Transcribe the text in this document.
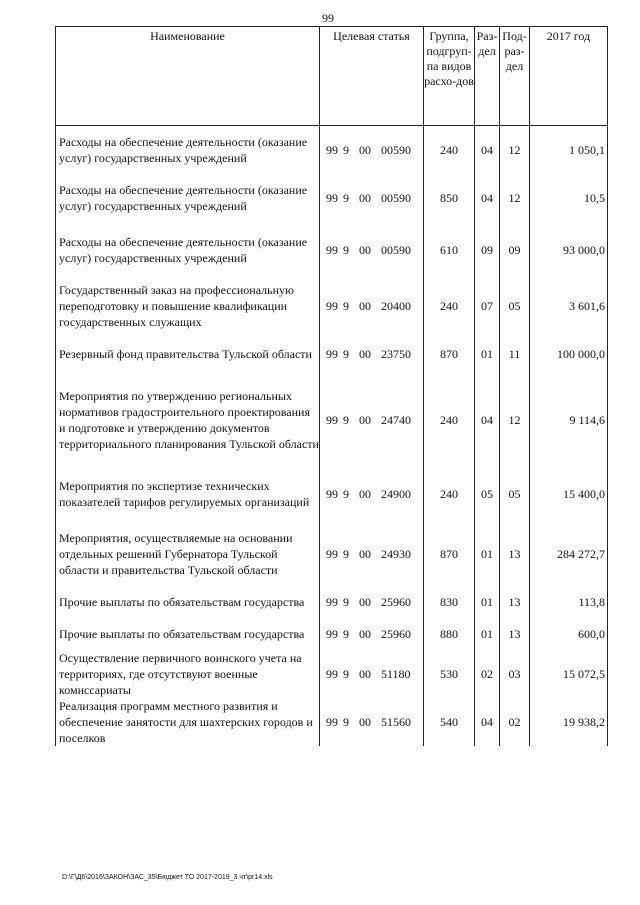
99
Наименование	Целевая статья	Группа, подгруп-па видов расхо-дов	Раз-дел	Под-раз-дел	2017 год
Расходы на обеспечение деятельности (оказание услуг) государственных учреждений	99 9 00 00590	240	04	12	1 050,1
Расходы на обеспечение деятельности (оказание услуг) государственных учреждений	99 9 00 00590	850	04	12	10,5
Расходы на обеспечение деятельности (оказание услуг) государственных учреждений	99 9 00 00590	610	09	09	93 000,0
Государственный заказ на профессиональную переподготовку и повышение квалификации государственных служащих	99 9 00 20400	240	07	05	3 601,6
Резервный фонд правительства Тульской области	99 9 00 23750	870	01	11	100 000,0
Мероприятия по утверждению региональных нормативов градостроительного проектирования и подготовке и утверждению документов территориального планирования Тульской области	99 9 00 24740	240	04	12	9 114,6
Мероприятия по экспертизе технических показателей тарифов регулируемых организаций	99 9 00 24900	240	05	05	15 400,0
Мероприятия, осуществляемые на основании отдельных решений Губернатора Тульской области и правительства Тульской области	99 9 00 24930	870	01	13	284 272,7
Прочие выплаты по обязательствам государства	99 9 00 25960	830	01	13	113,8
Прочие выплаты по обязательствам государства	99 9 00 25960	880	01	13	600,0
Осуществление первичного воинского учета на территориях, где отсутствуют военные комиссариаты	99 9 00 51180	530	02	03	15 072,5
Реализация программ местного развития и обеспечение занятости для шахтерских городов и поселков	99 9 00 51560	540	04	02	19 938,2
D:\Г\Д6\2016\ЗАКОН\ЗАС_35\Бюджет ТО 2017-2019_3 чт\pr14.xls
